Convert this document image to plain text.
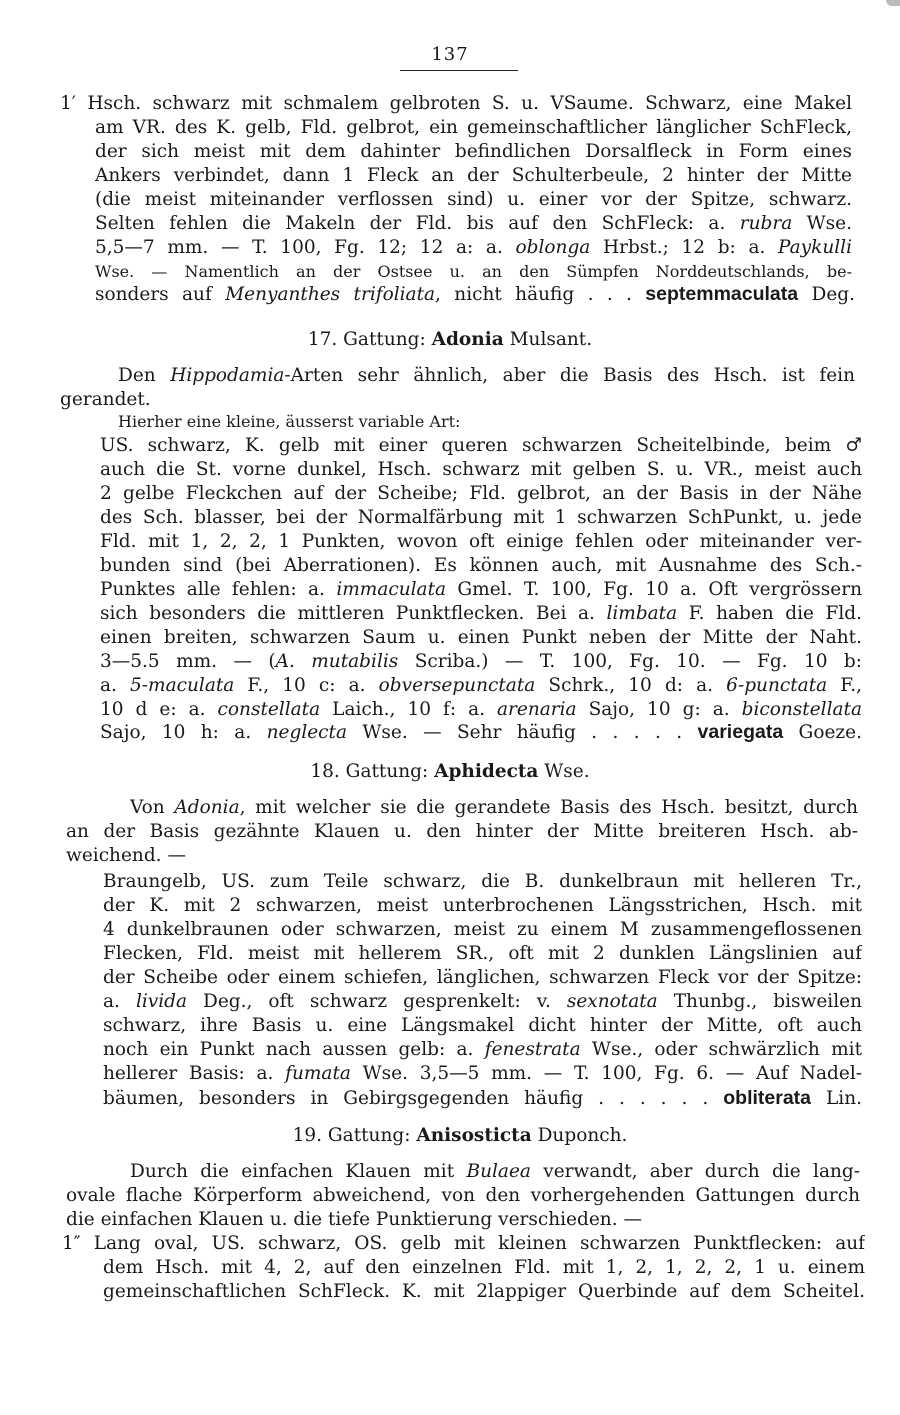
137
1′ Hsch. schwarz mit schmalem gelbroten S. u. VSaume. Schwarz, eine Makel
am VR. des K. gelb, Fld. gelbrot, ein gemeinschaftlicher länglicher SchFleck,
der sich meist mit dem dahinter befindlichen Dorsalfleck in Form eines
Ankers verbindet, dann 1 Fleck an der Schulterbeule, 2 hinter der Mitte
(die meist miteinander verflossen sind) u. einer vor der Spitze, schwarz.
Selten fehlen die Makeln der Fld. bis auf den SchFleck: a. rubra Wse.
5,5—7 mm. — T. 100, Fg. 12; 12 a: a. oblonga Hrbst.; 12 b: a. Paykulli
Wse. — Namentlich an der Ostsee u. an den Sümpfen Norddeutschlands, be-
sonders auf Menyanthes trifoliata, nicht häufig . . . septemmaculata Deg.
17. Gattung: Adonia Mulsant.
Den Hippodamia-Arten sehr ähnlich, aber die Basis des Hsch. ist fein
gerandet.
Hierher eine kleine, äusserst variable Art:
US. schwarz, K. gelb mit einer queren schwarzen Scheitelbinde, beim ♂
auch die St. vorne dunkel, Hsch. schwarz mit gelben S. u. VR., meist auch
2 gelbe Fleckchen auf der Scheibe; Fld. gelbrot, an der Basis in der Nähe
des Sch. blasser, bei der Normalfärbung mit 1 schwarzen SchPunkt, u. jede
Fld. mit 1, 2, 2, 1 Punkten, wovon oft einige fehlen oder miteinander ver-
bunden sind (bei Aberrationen). Es können auch, mit Ausnahme des Sch.-
Punktes alle fehlen: a. immaculata Gmel. T. 100, Fg. 10 a. Oft vergrössern
sich besonders die mittleren Punktflecken. Bei a. limbata F. haben die Fld.
einen breiten, schwarzen Saum u. einen Punkt neben der Mitte der Naht.
3—5.5 mm. — (A. mutabilis Scriba.) — T. 100, Fg. 10. — Fg. 10 b:
a. 5-maculata F., 10 c: a. obversepunctata Schrk., 10 d: a. 6-punctata F.,
10 d e: a. constellata Laich., 10 f: a. arenaria Sajo, 10 g: a. biconstellata
Sajo, 10 h: a. neglecta Wse. — Sehr häufig . . . . . variegata Goeze.
18. Gattung: Aphidecta Wse.
Von Adonia, mit welcher sie die gerandete Basis des Hsch. besitzt, durch
an der Basis gezähnte Klauen u. den hinter der Mitte breiteren Hsch. ab-
weichend. —
Braungelb, US. zum Teile schwarz, die B. dunkelbraun mit helleren Tr.,
der K. mit 2 schwarzen, meist unterbrochenen Längsstrichen, Hsch. mit
4 dunkelbraunen oder schwarzen, meist zu einem M zusammengeflossenen
Flecken, Fld. meist mit hellerem SR., oft mit 2 dunklen Längslinien auf
der Scheibe oder einem schiefen, länglichen, schwarzen Fleck vor der Spitze:
a. livida Deg., oft schwarz gesprenkelt: v. sexnotata Thunbg., bisweilen
schwarz, ihre Basis u. eine Längsmakel dicht hinter der Mitte, oft auch
noch ein Punkt nach aussen gelb: a. fenestrata Wse., oder schwärzlich mit
hellerer Basis: a. fumata Wse. 3,5—5 mm. — T. 100, Fg. 6. — Auf Nadel-
bäumen, besonders in Gebirgsgegenden häufig . . . . . . obliterata Lin.
19. Gattung: Anisosticta Duponch.
Durch die einfachen Klauen mit Bulaea verwandt, aber durch die lang-
ovale flache Körperform abweichend, von den vorhergehenden Gattungen durch
die einfachen Klauen u. die tiefe Punktierung verschieden. —
1″ Lang oval, US. schwarz, OS. gelb mit kleinen schwarzen Punktflecken: auf
dem Hsch. mit 4, 2, auf den einzelnen Fld. mit 1, 2, 1, 2, 2, 1 u. einem
gemeinschaftlichen SchFleck. K. mit 2lappiger Querbinde auf dem Scheitel.
